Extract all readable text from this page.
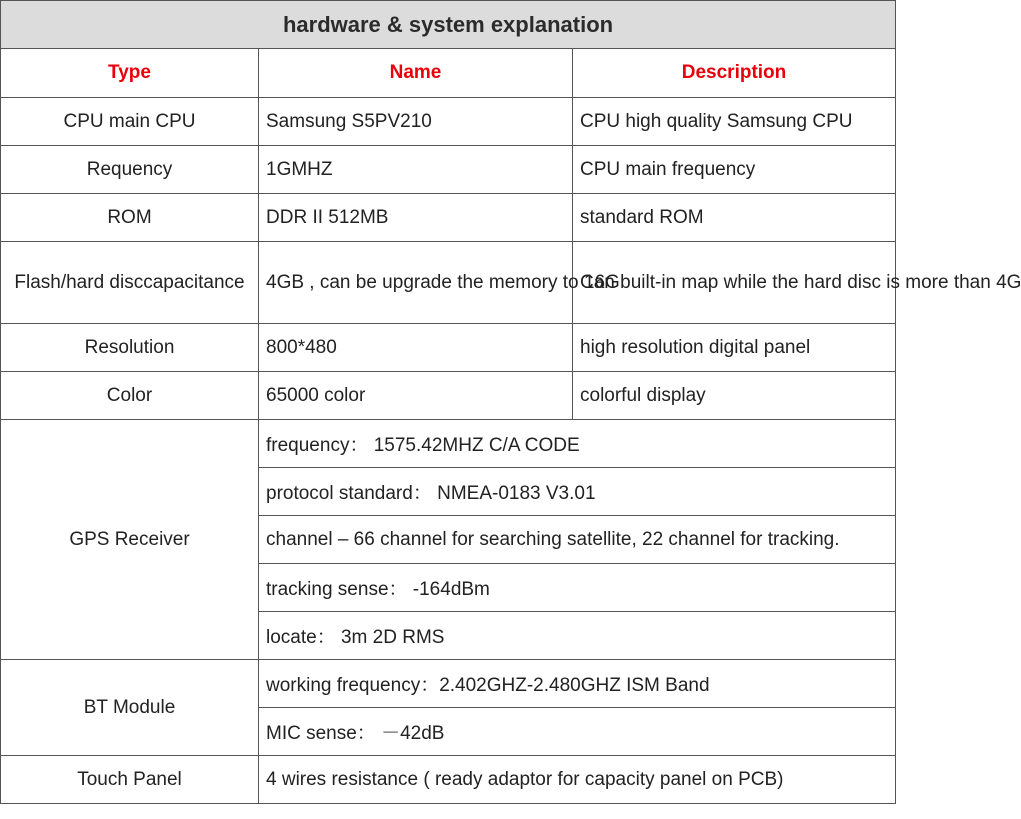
hardware & system explanation		
Type	Name	Description
CPU main CPU	Samsung S5PV210	CPU high quality Samsung CPU
Requency	1GMHZ	CPU main frequency
ROM	DDR II 512MB	standard ROM
Flash/hard disccapacitance	4GB , can be upgrade the memory to 16G	Can built-in map while the hard disc is more than 4G
Resolution	800*480	high resolution digital panel
Color	65000 color	colorful display
GPS Receiver	frequency： 1575.42MHZ C/A CODE	
	protocol standard： NMEA-0183 V3.01	
	channel – 66 channel for searching satellite, 22 channel for tracking.	
	tracking sense： -164dBm	
	locate： 3m 2D RMS	
BT Module	working frequency：2.402GHZ-2.480GHZ ISM Band	
	MIC sense： －42dB	
Touch Panel	4 wires resistance ( ready adaptor for capacity panel on PCB)	
